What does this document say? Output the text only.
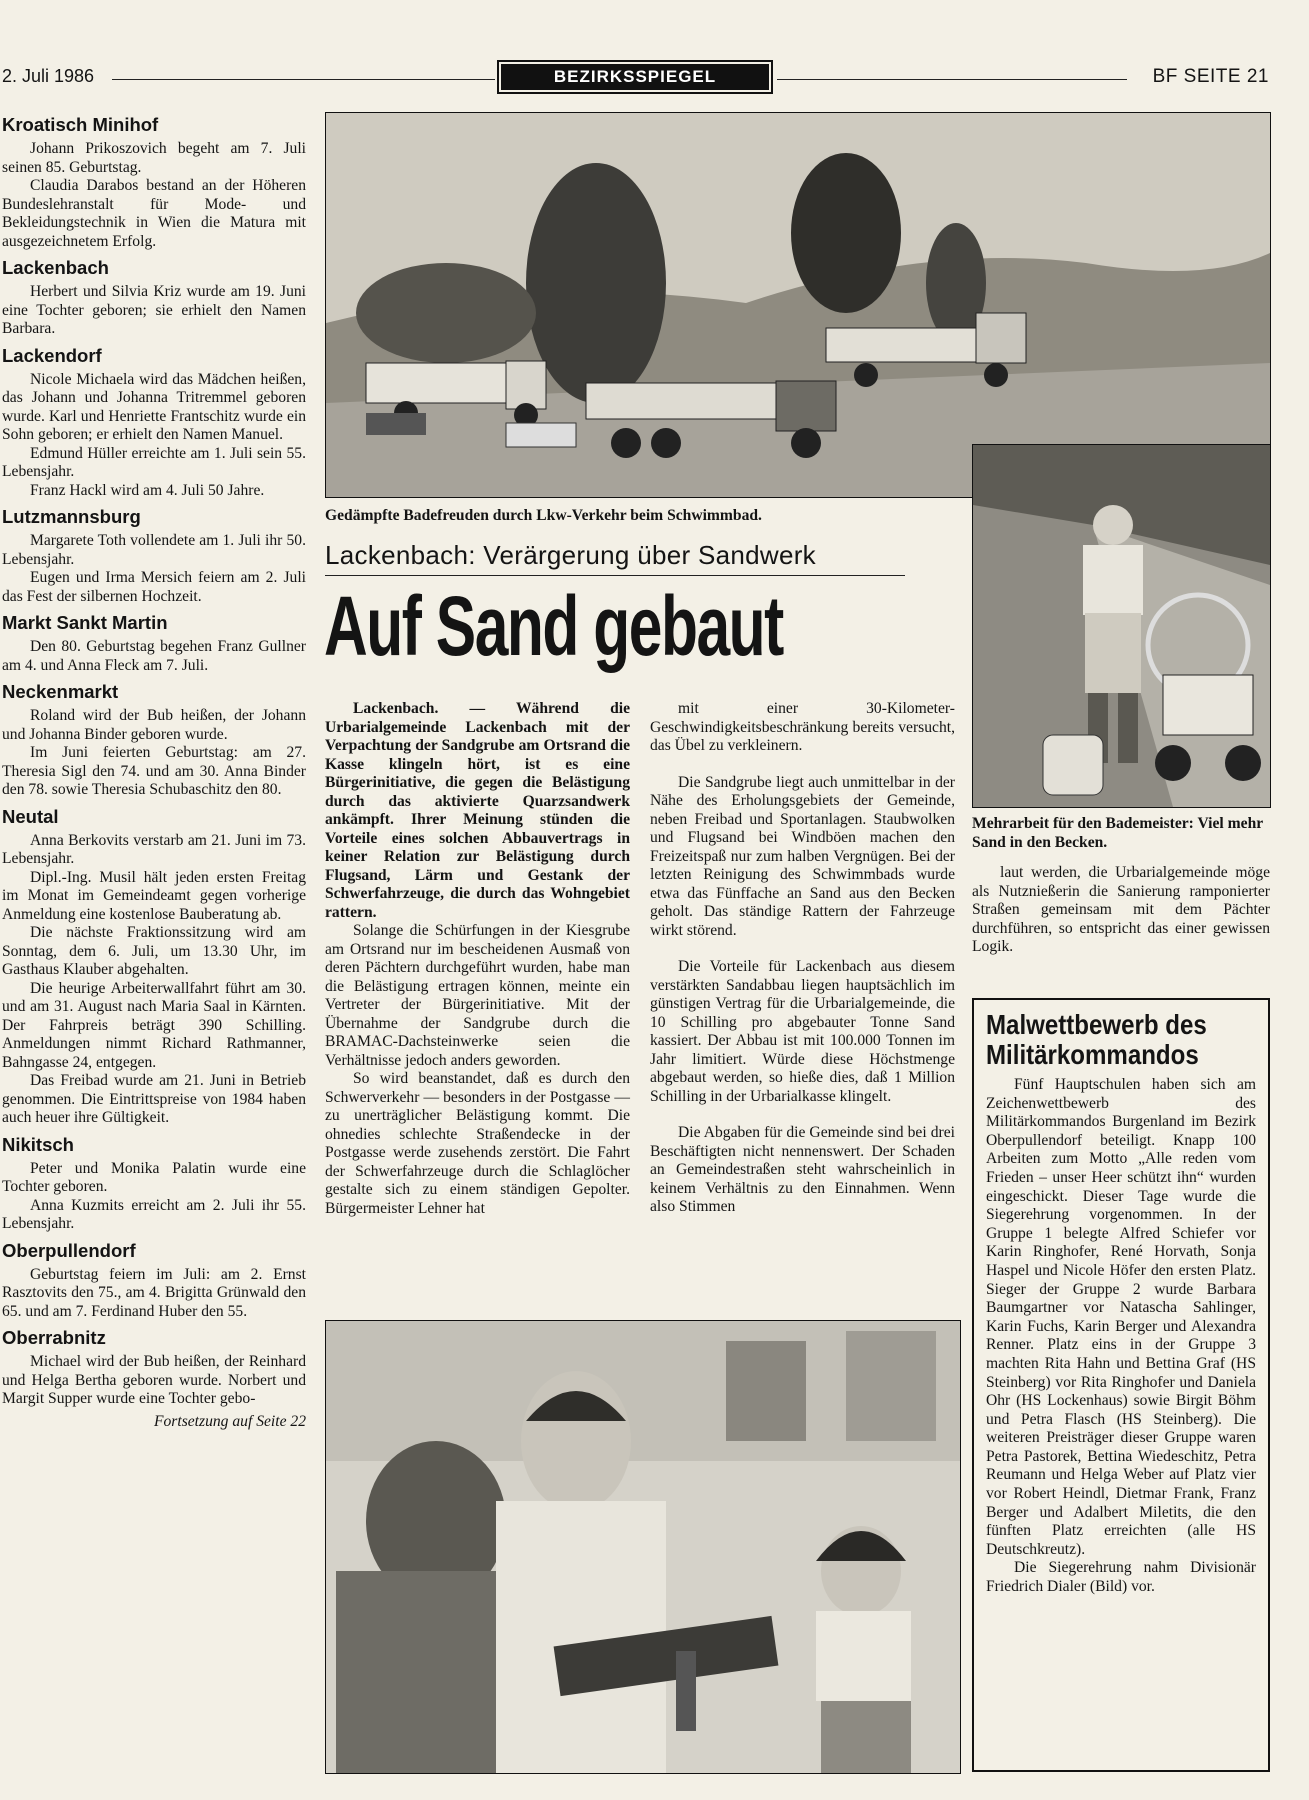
2. Juli 1986	BEZIRKSSPIEGEL	BF SEITE 21
Kroatisch Minihof

Johann Prikoszovich begeht am 7. Juli seinen 85. Geburtstag.

Claudia Darabos bestand an der Höheren Bundeslehranstalt für Mode- und Bekleidungstechnik in Wien die Matura mit ausgezeichnetem Erfolg.

Lackenbach

Herbert und Silvia Kriz wurde am 19. Juni eine Tochter geboren; sie erhielt den Namen Barbara.

Lackendorf

Nicole Michaela wird das Mädchen heißen, das Johann und Johanna Tritremmel geboren wurde. Karl und Henriette Frantschitz wurde ein Sohn geboren; er erhielt den Namen Manuel.

Edmund Hüller erreichte am 1. Juli sein 55. Lebensjahr.

Franz Hackl wird am 4. Juli 50 Jahre.

Lutzmannsburg

Margarete Toth vollendete am 1. Juli ihr 50. Lebensjahr.

Eugen und Irma Mersich feiern am 2. Juli das Fest der silbernen Hochzeit.

Markt Sankt Martin

Den 80. Geburtstag begehen Franz Gullner am 4. und Anna Fleck am 7. Juli.

Neckenmarkt

Roland wird der Bub heißen, der Johann und Johanna Binder geboren wurde.

Im Juni feierten Geburtstag: am 27. Theresia Sigl den 74. und am 30. Anna Binder den 78. sowie Theresia Schubaschitz den 80.

Neutal

Anna Berkovits verstarb am 21. Juni im 73. Lebensjahr.

Dipl.-Ing. Musil hält jeden ersten Freitag im Monat im Gemeindeamt gegen vorherige Anmeldung eine kostenlose Bauberatung ab.

Die nächste Fraktionssitzung wird am Sonntag, dem 6. Juli, um 13.30 Uhr, im Gasthaus Klauber abgehalten.

Die heurige Arbeiterwallfahrt führt am 30. und am 31. August nach Maria Saal in Kärnten. Der Fahrpreis beträgt 390 Schilling. Anmeldungen nimmt Richard Rathmanner, Bahngasse 24, entgegen.

Das Freibad wurde am 21. Juni in Betrieb genommen. Die Eintrittspreise von 1984 haben auch heuer ihre Gültigkeit.

Nikitsch

Peter und Monika Palatin wurde eine Tochter geboren.

Anna Kuzmits erreicht am 2. Juli ihr 55. Lebensjahr.

Oberpullendorf

Geburtstag feiern im Juli: am 2. Ernst Rasztovits den 75., am 4. Brigitta Grünwald den 65. und am 7. Ferdinand Huber den 55.

Oberrabnitz

Michael wird der Bub heißen, der Reinhard und Helga Bertha geboren wurde. Norbert und Margit Supper wurde eine Tochter gebo-

Fortsetzung auf Seite 22
Gedämpfte Badefreuden durch Lkw-Verkehr beim Schwimmbad.
Mehrarbeit für den Bademeister: Viel mehr Sand in den Becken.
Lackenbach: Verärgerung über Sandwerk
Auf Sand gebaut

Lackenbach. — Während die Urbarialgemeinde Lackenbach mit der Verpachtung der Sandgrube am Ortsrand die Kasse klingeln hört, ist es eine Bürgerinitiative, die gegen die Belästigung durch das aktivierte Quarzsandwerk ankämpft. Ihrer Meinung stünden die Vorteile eines solchen Abbauvertrags in keiner Relation zur Belästigung durch Flugsand, Lärm und Gestank der Schwerfahrzeuge, die durch das Wohngebiet rattern.

Solange die Schürfungen in der Kiesgrube am Ortsrand nur im bescheidenen Ausmaß von deren Pächtern durchgeführt wurden, habe man die Belästigung ertragen können, meinte ein Vertreter der Bürgerinitiative. Mit der Übernahme der Sandgrube durch die BRAMAC-Dachsteinwerke seien die Verhältnisse jedoch anders geworden.

So wird beanstandet, daß es durch den Schwerverkehr — besonders in der Postgasse — zu unerträglicher Belästigung kommt. Die ohnedies schlechte Straßendecke in der Postgasse werde zusehends zerstört. Die Fahrt der Schwerfahrzeuge durch die Schlaglöcher gestalte sich zu einem ständigen Gepolter. Bürgermeister Lehner hat

mit einer 30-Kilometer-Geschwindigkeitsbeschränkung bereits versucht, das Übel zu verkleinern.

Die Sandgrube liegt auch unmittelbar in der Nähe des Erholungsgebiets der Gemeinde, neben Freibad und Sportanlagen. Staubwolken und Flugsand bei Windböen machen den Freizeitspaß nur zum halben Vergnügen. Bei der letzten Reinigung des Schwimmbads wurde etwa das Fünffache an Sand aus den Becken geholt. Das ständige Rattern der Fahrzeuge wirkt störend.

Die Vorteile für Lackenbach aus diesem verstärkten Sandabbau liegen hauptsächlich im günstigen Vertrag für die Urbarialgemeinde, die 10 Schilling pro abgebauter Tonne Sand kassiert. Der Abbau ist mit 100.000 Tonnen im Jahr limitiert. Würde diese Höchstmenge abgebaut werden, so hieße dies, daß 1 Million Schilling in der Urbarialkasse klingelt.

Die Abgaben für die Gemeinde sind bei drei Beschäftigten nicht nennenswert. Der Schaden an Gemeindestraßen steht wahrscheinlich in keinem Verhältnis zu den Einnahmen. Wenn also Stimmen

laut werden, die Urbarialgemeinde möge als Nutznießerin die Sanierung ramponierter Straßen gemeinsam mit dem Pächter durchführen, so entspricht das einer gewissen Logik.

Malwettbewerb des Militärkommandos

Fünf Hauptschulen haben sich am Zeichenwettbewerb des Militärkommandos Burgenland im Bezirk Oberpullendorf beteiligt. Knapp 100 Arbeiten zum Motto „Alle reden vom Frieden – unser Heer schützt ihn“ wurden eingeschickt. Dieser Tage wurde die Siegerehrung vorgenommen. In der Gruppe 1 belegte Alfred Schiefer vor Karin Ringhofer, René Horvath, Sonja Haspel und Nicole Höfer den ersten Platz. Sieger der Gruppe 2 wurde Barbara Baumgartner vor Natascha Sahlinger, Karin Fuchs, Karin Berger und Alexandra Renner. Platz eins in der Gruppe 3 machten Rita Hahn und Bettina Graf (HS Steinberg) vor Rita Ringhofer und Daniela Ohr (HS Lockenhaus) sowie Birgit Böhm und Petra Flasch (HS Steinberg). Die weiteren Preisträger dieser Gruppe waren Petra Pastorek, Bettina Wiedeschitz, Petra Reumann und Helga Weber auf Platz vier vor Robert Heindl, Dietmar Frank, Franz Berger und Adalbert Miletits, die den fünften Platz erreichten (alle HS Deutschkreutz).

Die Siegerehrung nahm Divisionär Friedrich Dialer (Bild) vor.
